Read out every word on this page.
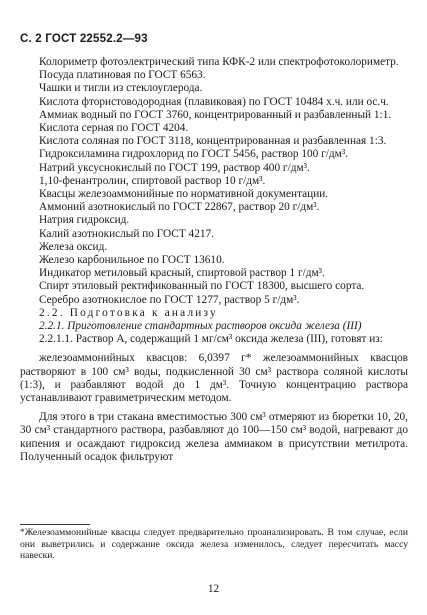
С. 2 ГОСТ 22552.2—93

Колориметр фотоэлектрический типа КФК-2 или спектрофотоколориметр.

Посуда платиновая по ГОСТ 6563.

Чашки и тигли из стеклоуглерода.

Кислота фтористоводородная (плавиковая) по ГОСТ 10484 х.ч. или ос.ч.

Аммиак водный по ГОСТ 3760, концентрированный и разбавленный 1:1.

Кислота серная по ГОСТ 4204.

Кислота соляная по ГОСТ 3118, концентрированная и разбавленная 1:3.

Гидроксиламина гидрохлорид по ГОСТ 5456, раствор 100 г/дм³.

Натрий уксуснокислый по ГОСТ 199, раствор 400 г/дм³.

1,10-фенантролин, спиртовой раствор 10 г/дм³.

Квасцы железоаммонийные по нормативной документации.

Аммоний азотнокислый по ГОСТ 22867, раствор 20 г/дм³.

Натрия гидроксид.

Калий азотнокислый по ГОСТ 4217.

Железа оксид.

Железо карбонильное по ГОСТ 13610.

Индикатор метиловый красный, спиртовой раствор 1 г/дм³.

Спирт этиловый ректификованный по ГОСТ 18300, высшего сорта.

Серебро азотнокислое по ГОСТ 1277, раствор 5 г/дм³.

2.2. Подготовка к анализу

2.2.1. Приготовление стандартных растворов оксида железа (III)

2.2.1.1. Раствор А, содержащий 1 мг/см³ оксида железа (III), готовят из:

железоаммонийных квасцов: 6,0397 г* железоаммонийных квасцов растворяют в 100 см³ воды, подкисленной 30 см³ раствора соляной кислоты (1:3), и разбавляют водой до 1 дм³. Точную концентрацию раствора устанавливают гравиметрическим методом.

Для этого в три стакана вместимостью 300 см³ отмеряют из бюретки 10, 20, 30 см³ стандартного раствора, разбавляют до 100—150 см³ водой, нагревают до кипения и осаждают гидроксид железа аммиаком в присутствии метилрота. Полученный осадок фильтруют

*Железоаммонийные квасцы следует предварительно проанализировать. В том случае, если они выветрились и содержание оксида железа изменилось, следует пересчитать массу навески.
12
